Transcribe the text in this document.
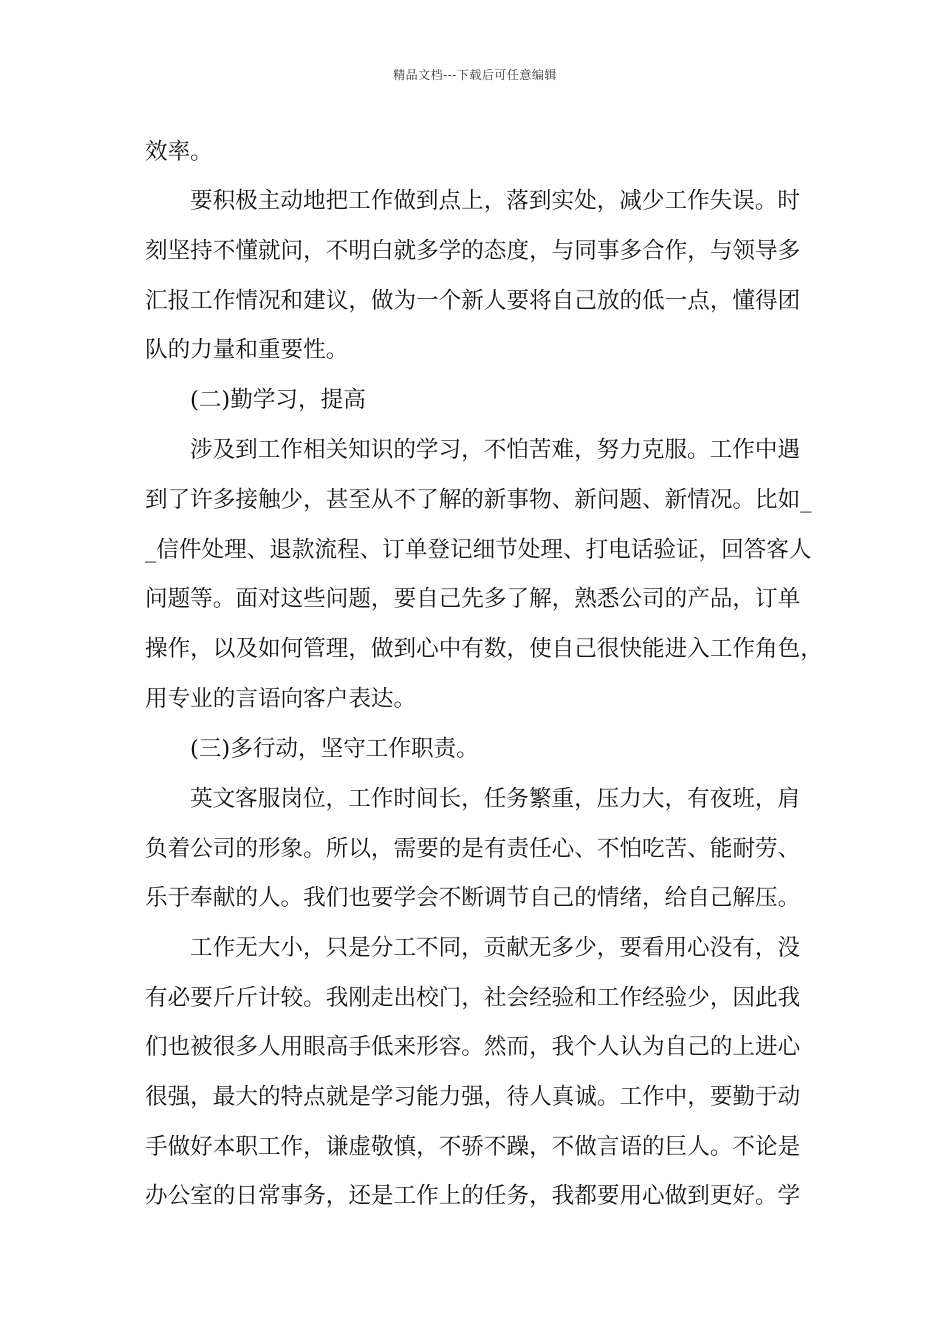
精品文档---下载后可任意编辑
效率。
要积极主动地把工作做到点上，落到实处，减少工作失误。时
刻坚持不懂就问，不明白就多学的态度，与同事多合作，与领导多
汇报工作情况和建议，做为一个新人要将自己放的低一点，懂得团
队的力量和重要性。
(二)勤学习，提高
涉及到工作相关知识的学习，不怕苦难，努力克服。工作中遇
到了许多接触少，甚至从不了解的新事物、新问题、新情况。比如_
_信件处理、退款流程、订单登记细节处理、打电话验证，回答客人
问题等。面对这些问题，要自己先多了解，熟悉公司的产品，订单
操作，以及如何管理，做到心中有数，使自己很快能进入工作角色，
用专业的言语向客户表达。
(三)多行动，坚守工作职责。
英文客服岗位，工作时间长，任务繁重，压力大，有夜班，肩
负着公司的形象。所以，需要的是有责任心、不怕吃苦、能耐劳、
乐于奉献的人。我们也要学会不断调节自己的情绪，给自己解压。
工作无大小，只是分工不同，贡献无多少，要看用心没有，没
有必要斤斤计较。我刚走出校门，社会经验和工作经验少，因此我
们也被很多人用眼高手低来形容。然而，我个人认为自己的上进心
很强，最大的特点就是学习能力强，待人真诚。工作中，要勤于动
手做好本职工作，谦虚敬慎，不骄不躁，不做言语的巨人。不论是
办公室的日常事务，还是工作上的任务，我都要用心做到更好。学
